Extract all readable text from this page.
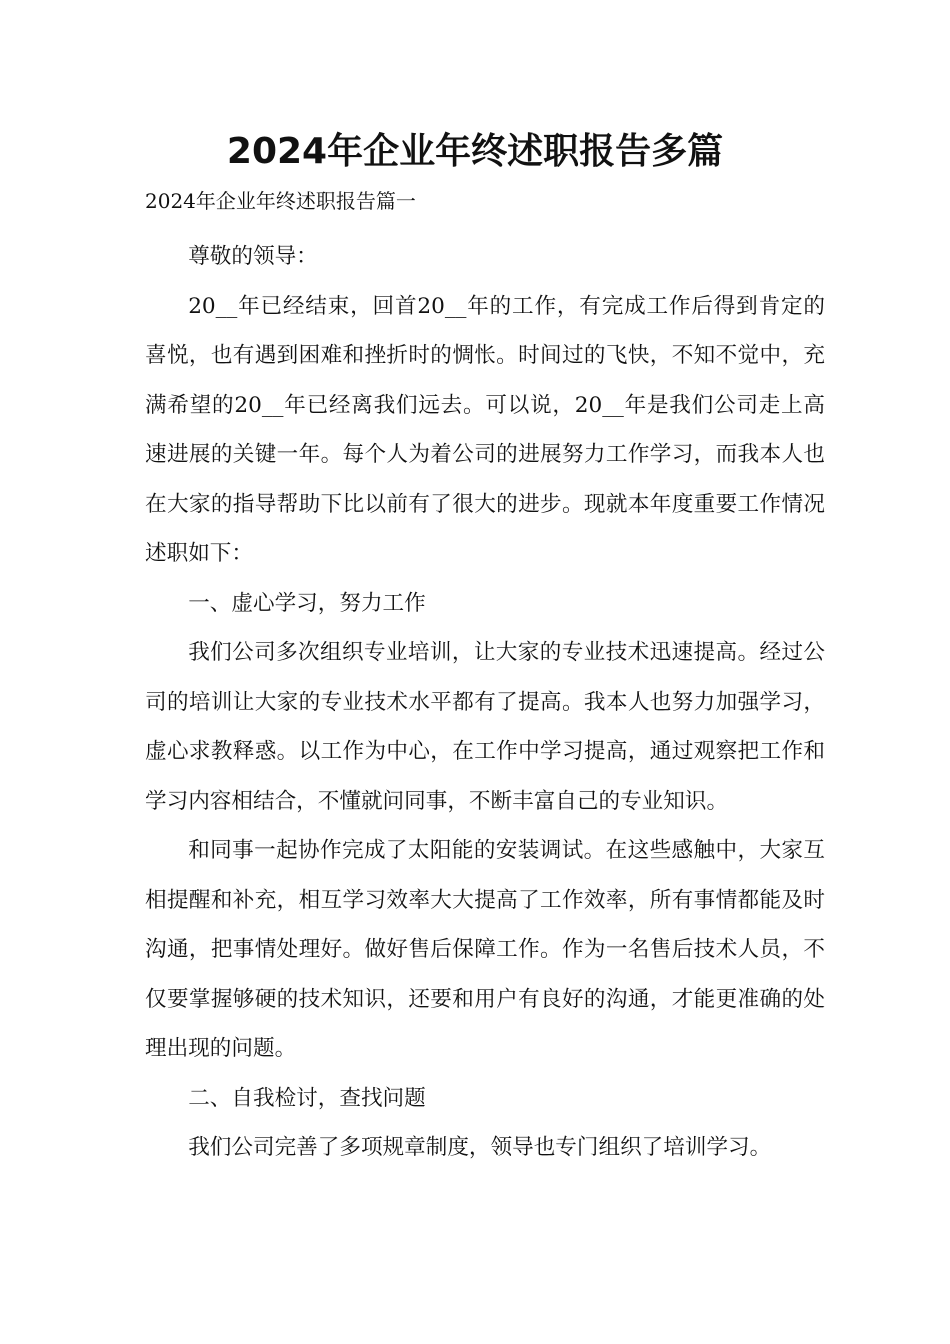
2024年企业年终述职报告多篇

2024年企业年终述职报告篇一

尊敬的领导：

20__年已经结束，回首20__年的工作，有完成工作后得到肯定的喜悦，也有遇到困难和挫折时的惆怅。时间过的飞快，不知不觉中，充满希望的20__年已经离我们远去。可以说，20__年是我们公司走上高速进展的关键一年。每个人为着公司的进展努力工作学习，而我本人也在大家的指导帮助下比以前有了很大的进步。现就本年度重要工作情况述职如下：

一、虚心学习，努力工作

我们公司多次组织专业培训，让大家的专业技术迅速提高。经过公司的培训让大家的专业技术水平都有了提高。我本人也努力加强学习，虚心求教释惑。以工作为中心，在工作中学习提高，通过观察把工作和学习内容相结合，不懂就问同事，不断丰富自己的专业知识。

和同事一起协作完成了太阳能的安装调试。在这些感触中，大家互相提醒和补充，相互学习效率大大提高了工作效率，所有事情都能及时沟通，把事情处理好。做好售后保障工作。作为一名售后技术人员，不仅要掌握够硬的技术知识，还要和用户有良好的沟通，才能更准确的处理出现的问题。

二、自我检讨，查找问题

我们公司完善了多项规章制度，领导也专门组织了培训学习。
